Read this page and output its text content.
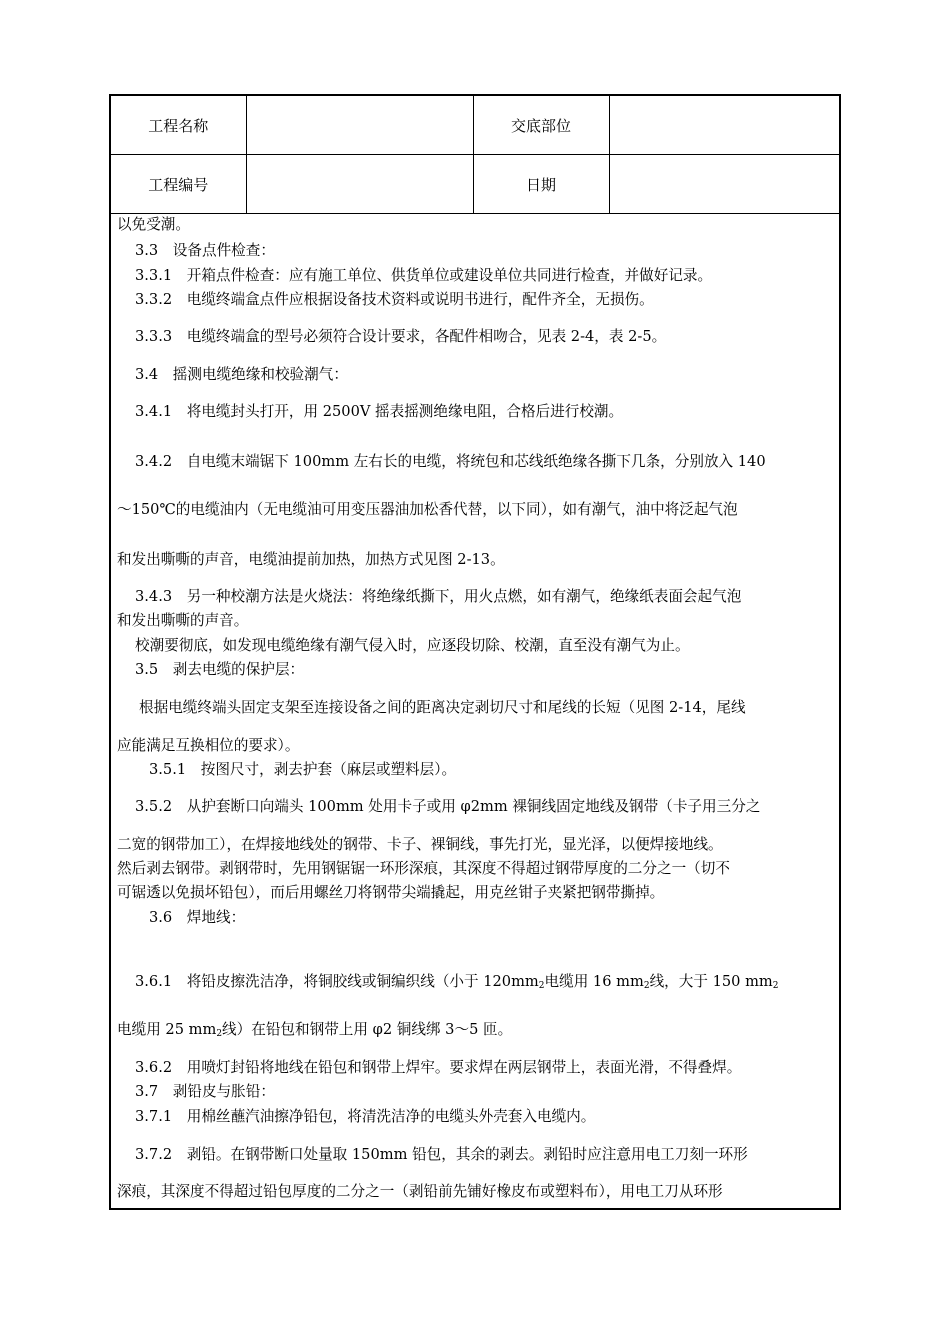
工程名称		交底部位	
工程编号		日期	
以免受潮。
3.3　设备点件检查：
3.3.1　开箱点件检查：应有施工单位、供货单位或建设单位共同进行检查，并做好记录。
3.3.2　电缆终端盒点件应根据设备技术资料或说明书进行，配件齐全，无损伤。
3.3.3　电缆终端盒的型号必须符合设计要求，各配件相吻合，见表 2-4，表 2-5。
3.4　摇测电缆绝缘和校验潮气：
3.4.1　将电缆封头打开，用 2500V 摇表摇测绝缘电阻，合格后进行校潮。
3.4.2　自电缆末端锯下 100mm 左右长的电缆，将统包和芯线纸绝缘各撕下几条，分别放入 140
～150℃的电缆油内（无电缆油可用变压器油加松香代替，以下同），如有潮气，油中将泛起气泡
和发出嘶嘶的声音，电缆油提前加热，加热方式见图 2-13。
3.4.3　另一种校潮方法是火烧法：将绝缘纸撕下，用火点燃，如有潮气，绝缘纸表面会起气泡
和发出嘶嘶的声音。
校潮要彻底，如发现电缆绝缘有潮气侵入时，应逐段切除、校潮，直至没有潮气为止。
3.5　剥去电缆的保护层：
根据电缆终端头固定支架至连接设备之间的距离决定剥切尺寸和尾线的长短（见图 2-14，尾线
应能满足互换相位的要求）。
3.5.1　按图尺寸，剥去护套（麻层或塑料层）。
3.5.2　从护套断口向端头 100mm 处用卡子或用 φ2mm 裸铜线固定地线及钢带（卡子用三分之
二宽的钢带加工），在焊接地线处的钢带、卡子、裸铜线，事先打光，显光泽，以便焊接地线。
然后剥去钢带。剥钢带时，先用钢锯锯一环形深痕，其深度不得超过钢带厚度的二分之一（切不
可锯透以免损坏铅包），而后用螺丝刀将钢带尖端撬起，用克丝钳子夹紧把钢带撕掉。
3.6　焊地线：
3.6.1　将铅皮擦洗洁净，将铜胶线或铜编织线（小于 $120mm_2$电缆用 16 $mm_2$线，大于 150 $mm_2$
电缆用 25 $mm_2$线）在铅包和钢带上用 φ2 铜线绑 3～5 匝。
3.6.2　用喷灯封铅将地线在铅包和钢带上焊牢。要求焊在两层钢带上，表面光滑，不得叠焊。
3.7　剥铅皮与胀铅：
3.7.1　用棉丝蘸汽油擦净铅包，将清洗洁净的电缆头外壳套入电缆内。
3.7.2　剥铅。在钢带断口处量取 150mm 铅包，其余的剥去。剥铅时应注意用电工刀刻一环形
深痕，其深度不得超过铅包厚度的二分之一（剥铅前先铺好橡皮布或塑料布），用电工刀从环形
